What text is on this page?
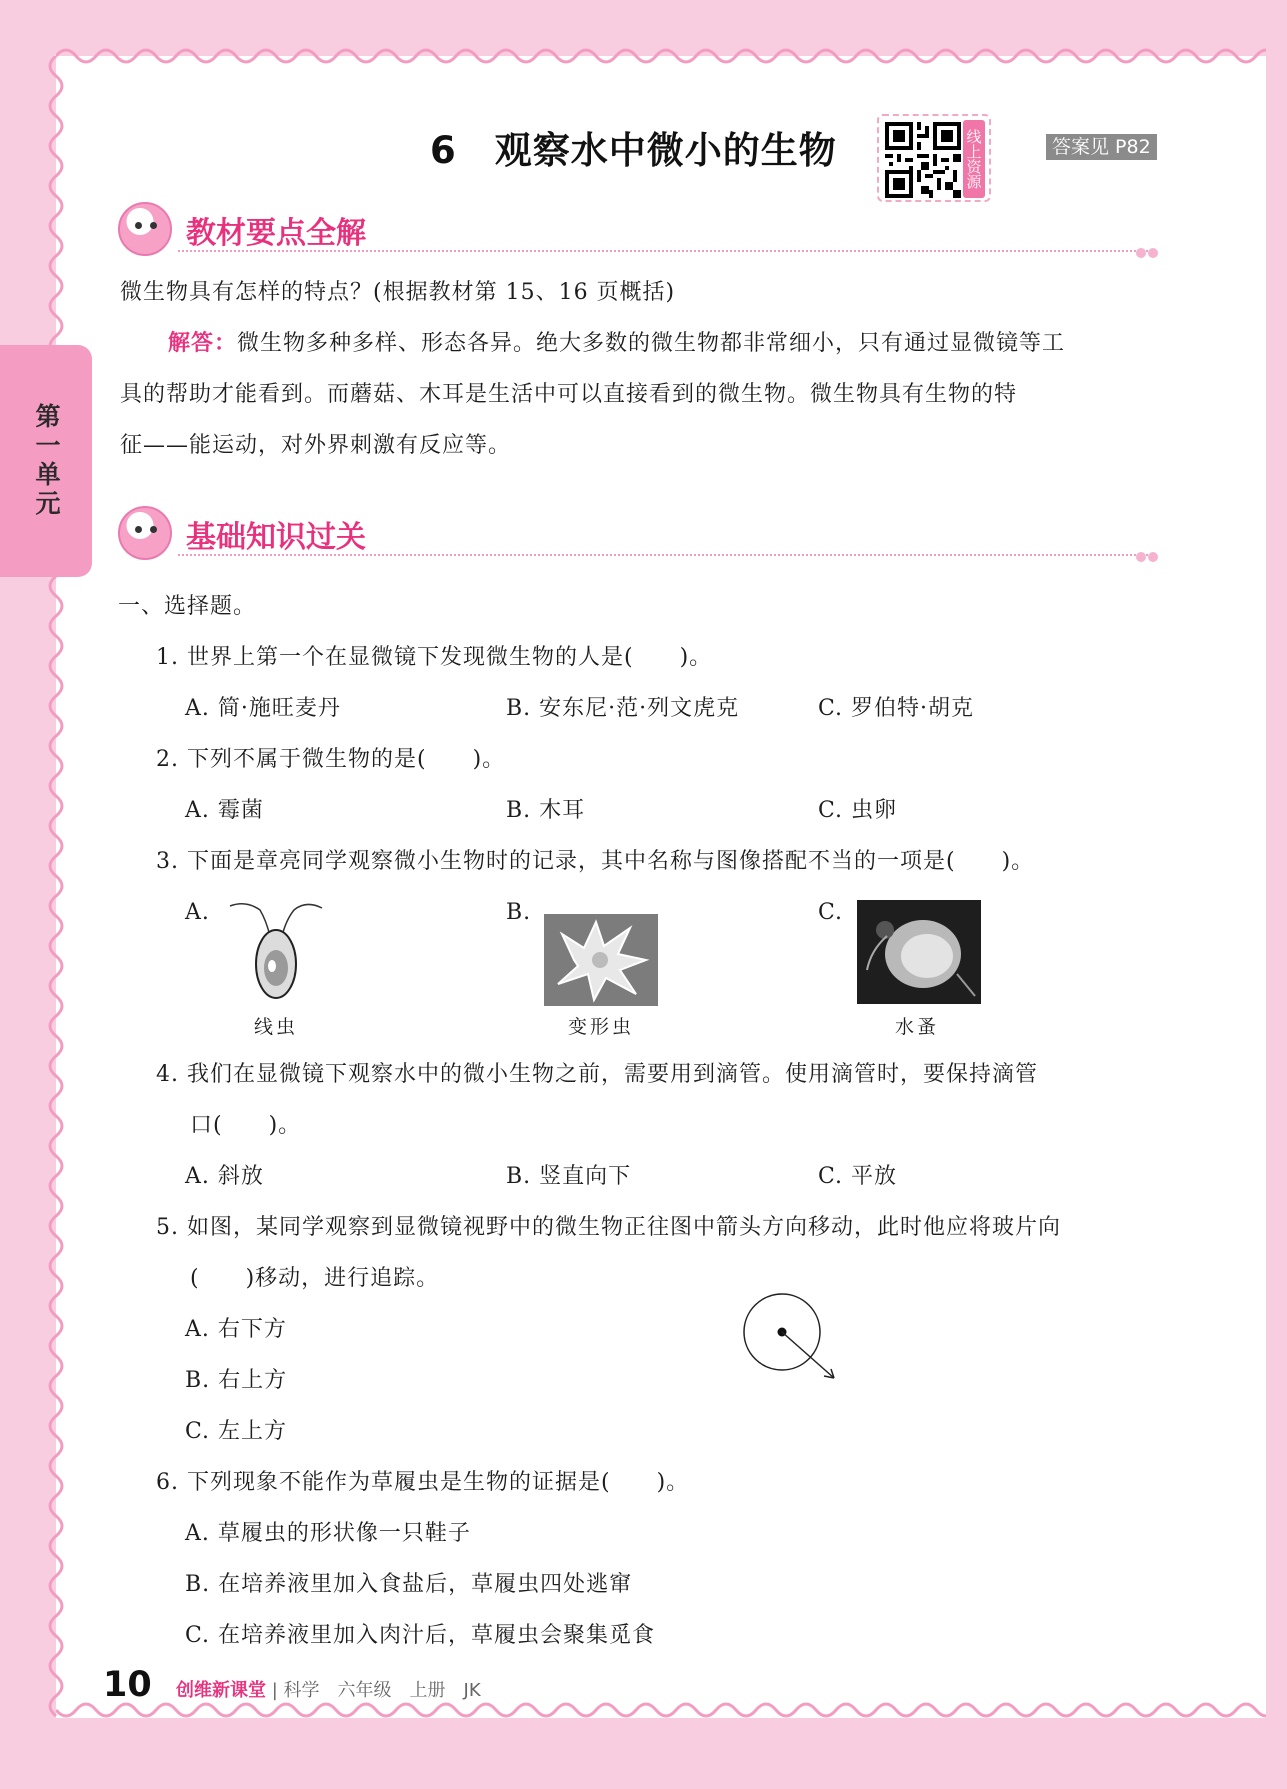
第一单元
6　观察水中微小的生物	线上资源	答案见 P82
教材要点全解
微生物具有怎样的特点？(根据教材第 15、16 页概括)
解答：微生物多种多样、形态各异。绝大多数的微生物都非常细小，只有通过显微镜等工
具的帮助才能看到。而蘑菇、木耳是生活中可以直接看到的微生物。微生物具有生物的特
征——能运动，对外界刺激有反应等。
基础知识过关
一、选择题。
1. 世界上第一个在显微镜下发现微生物的人是(　　)。
A. 简·施旺麦丹	B. 安东尼·范·列文虎克	C. 罗伯特·胡克
2. 下列不属于微生物的是(　　)。
A. 霉菌	B. 木耳	C. 虫卵
3. 下面是章亮同学观察微小生物时的记录，其中名称与图像搭配不当的一项是(　　)。
A.	B.	C.
线虫	变形虫	水蚤
4. 我们在显微镜下观察水中的微小生物之前，需要用到滴管。使用滴管时，要保持滴管
口(　　)。
A. 斜放	B. 竖直向下	C. 平放
5. 如图，某同学观察到显微镜视野中的微生物正往图中箭头方向移动，此时他应将玻片向
(　　)移动，进行追踪。
A. 右下方
B. 右上方
C. 左上方
6. 下列现象不能作为草履虫是生物的证据是(　　)。
A. 草履虫的形状像一只鞋子
B. 在培养液里加入食盐后，草履虫四处逃窜
C. 在培养液里加入肉汁后，草履虫会聚集觅食
10 创维新课堂 | 科学　六年级　上册　JK
